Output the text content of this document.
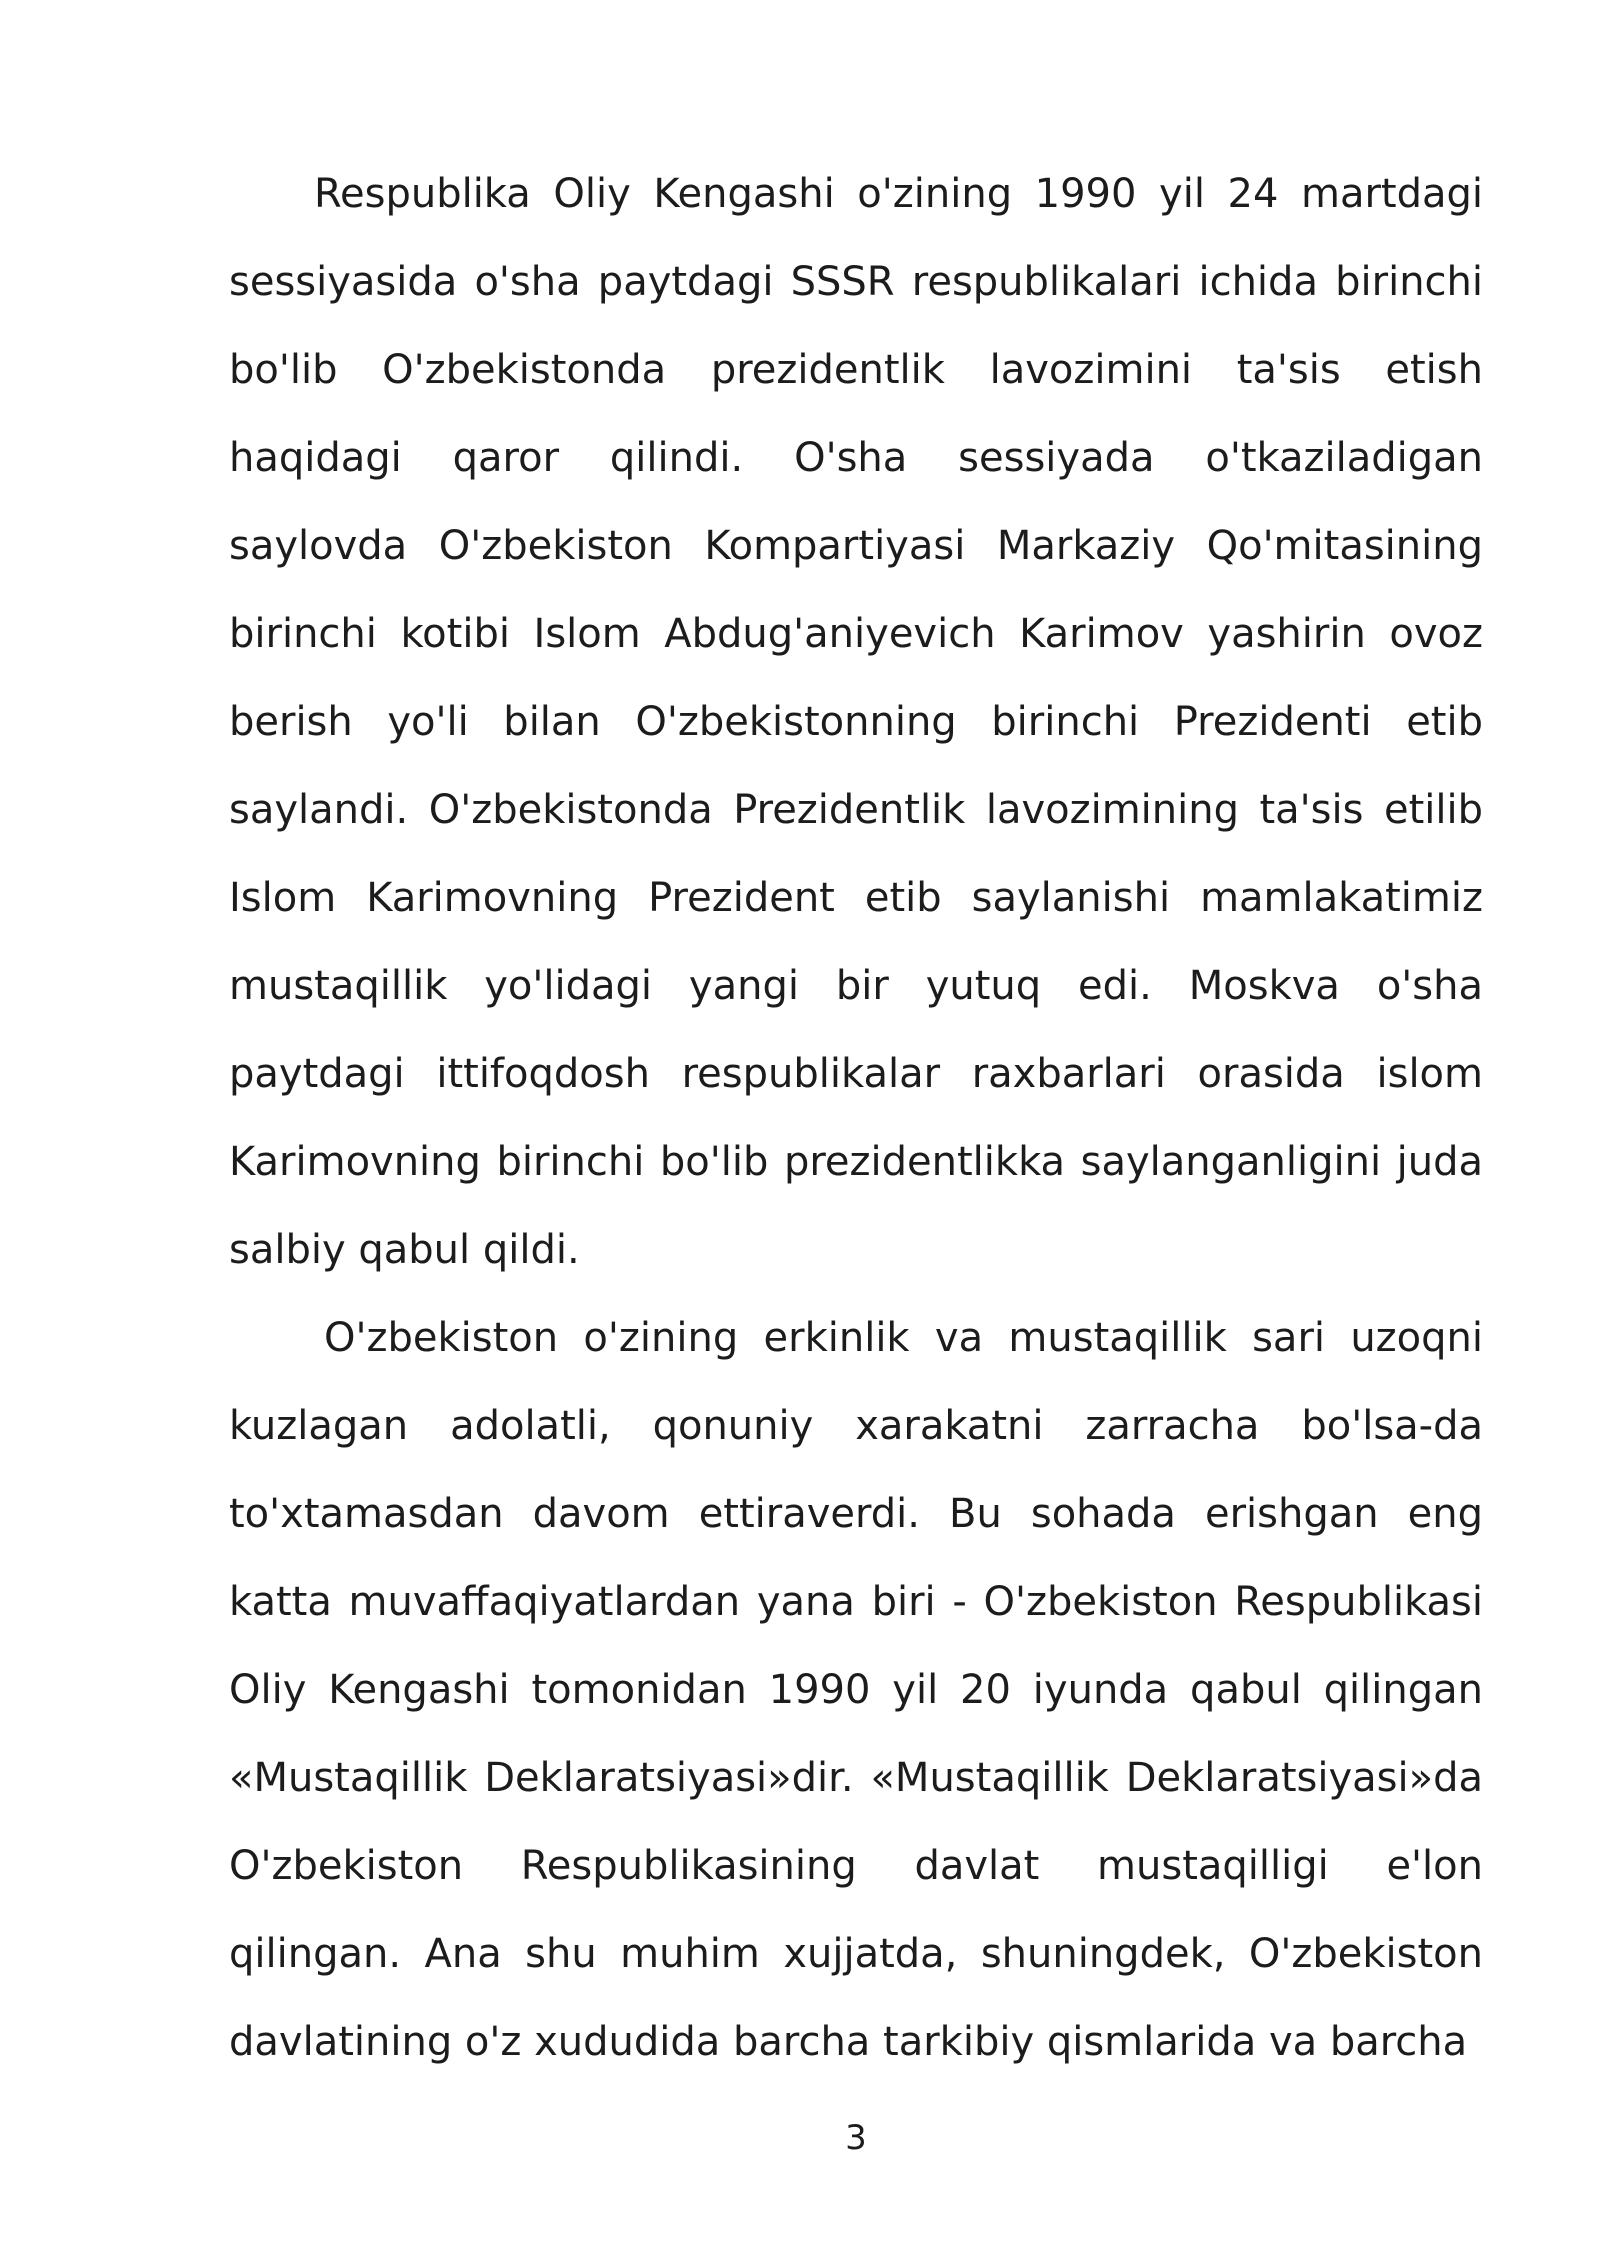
Respublika Oliy Kengashi o'zining 1990 yil 24 martdagi sessiyasida o'sha paytdagi SSSR respublikalari ichida birinchi bo'lib O'zbekistonda prezidentlik lavozimini ta'sis etish haqidagi qaror qilindi. O'sha sessiyada o'tkaziladigan saylovda O'zbekiston Kompartiyasi Markaziy Qo'mitasining birinchi kotibi Islom Abdug'aniyevich Karimov yashirin ovoz berish yo'li bilan O'zbekistonning birinchi Prezidenti etib saylandi. O'zbekistonda Prezidentlik lavozimining ta'sis etilib Islom Karimovning Prezident etib saylanishi mamlakatimiz mustaqillik yo'lidagi yangi bir yutuq edi. Moskva o'sha paytdagi ittifoqdosh respublikalar raxbarlari orasida islom Karimovning birinchi bo'lib prezidentlikka saylanganligini juda salbiy qabul qildi.

O'zbekiston o'zining erkinlik va mustaqillik sari uzoqni kuzlagan adolatli, qonuniy xarakatni zarracha bo'lsa-da to'xtamasdan davom ettiraverdi. Bu sohada erishgan eng katta muvaffaqiyatlardan yana biri - O'zbekiston Respublikasi Oliy Kengashi tomonidan 1990 yil 20 iyunda qabul qilingan «Mustaqillik Deklaratsiyasi»dir. «Mustaqillik Deklaratsiyasi»da O'zbekiston Respublikasining davlat mustaqilligi e'lon qilingan. Ana shu muhim xujjatda, shuningdek, O'zbekiston davlatining o'z xududida barcha tarkibiy qismlarida va barcha

3
